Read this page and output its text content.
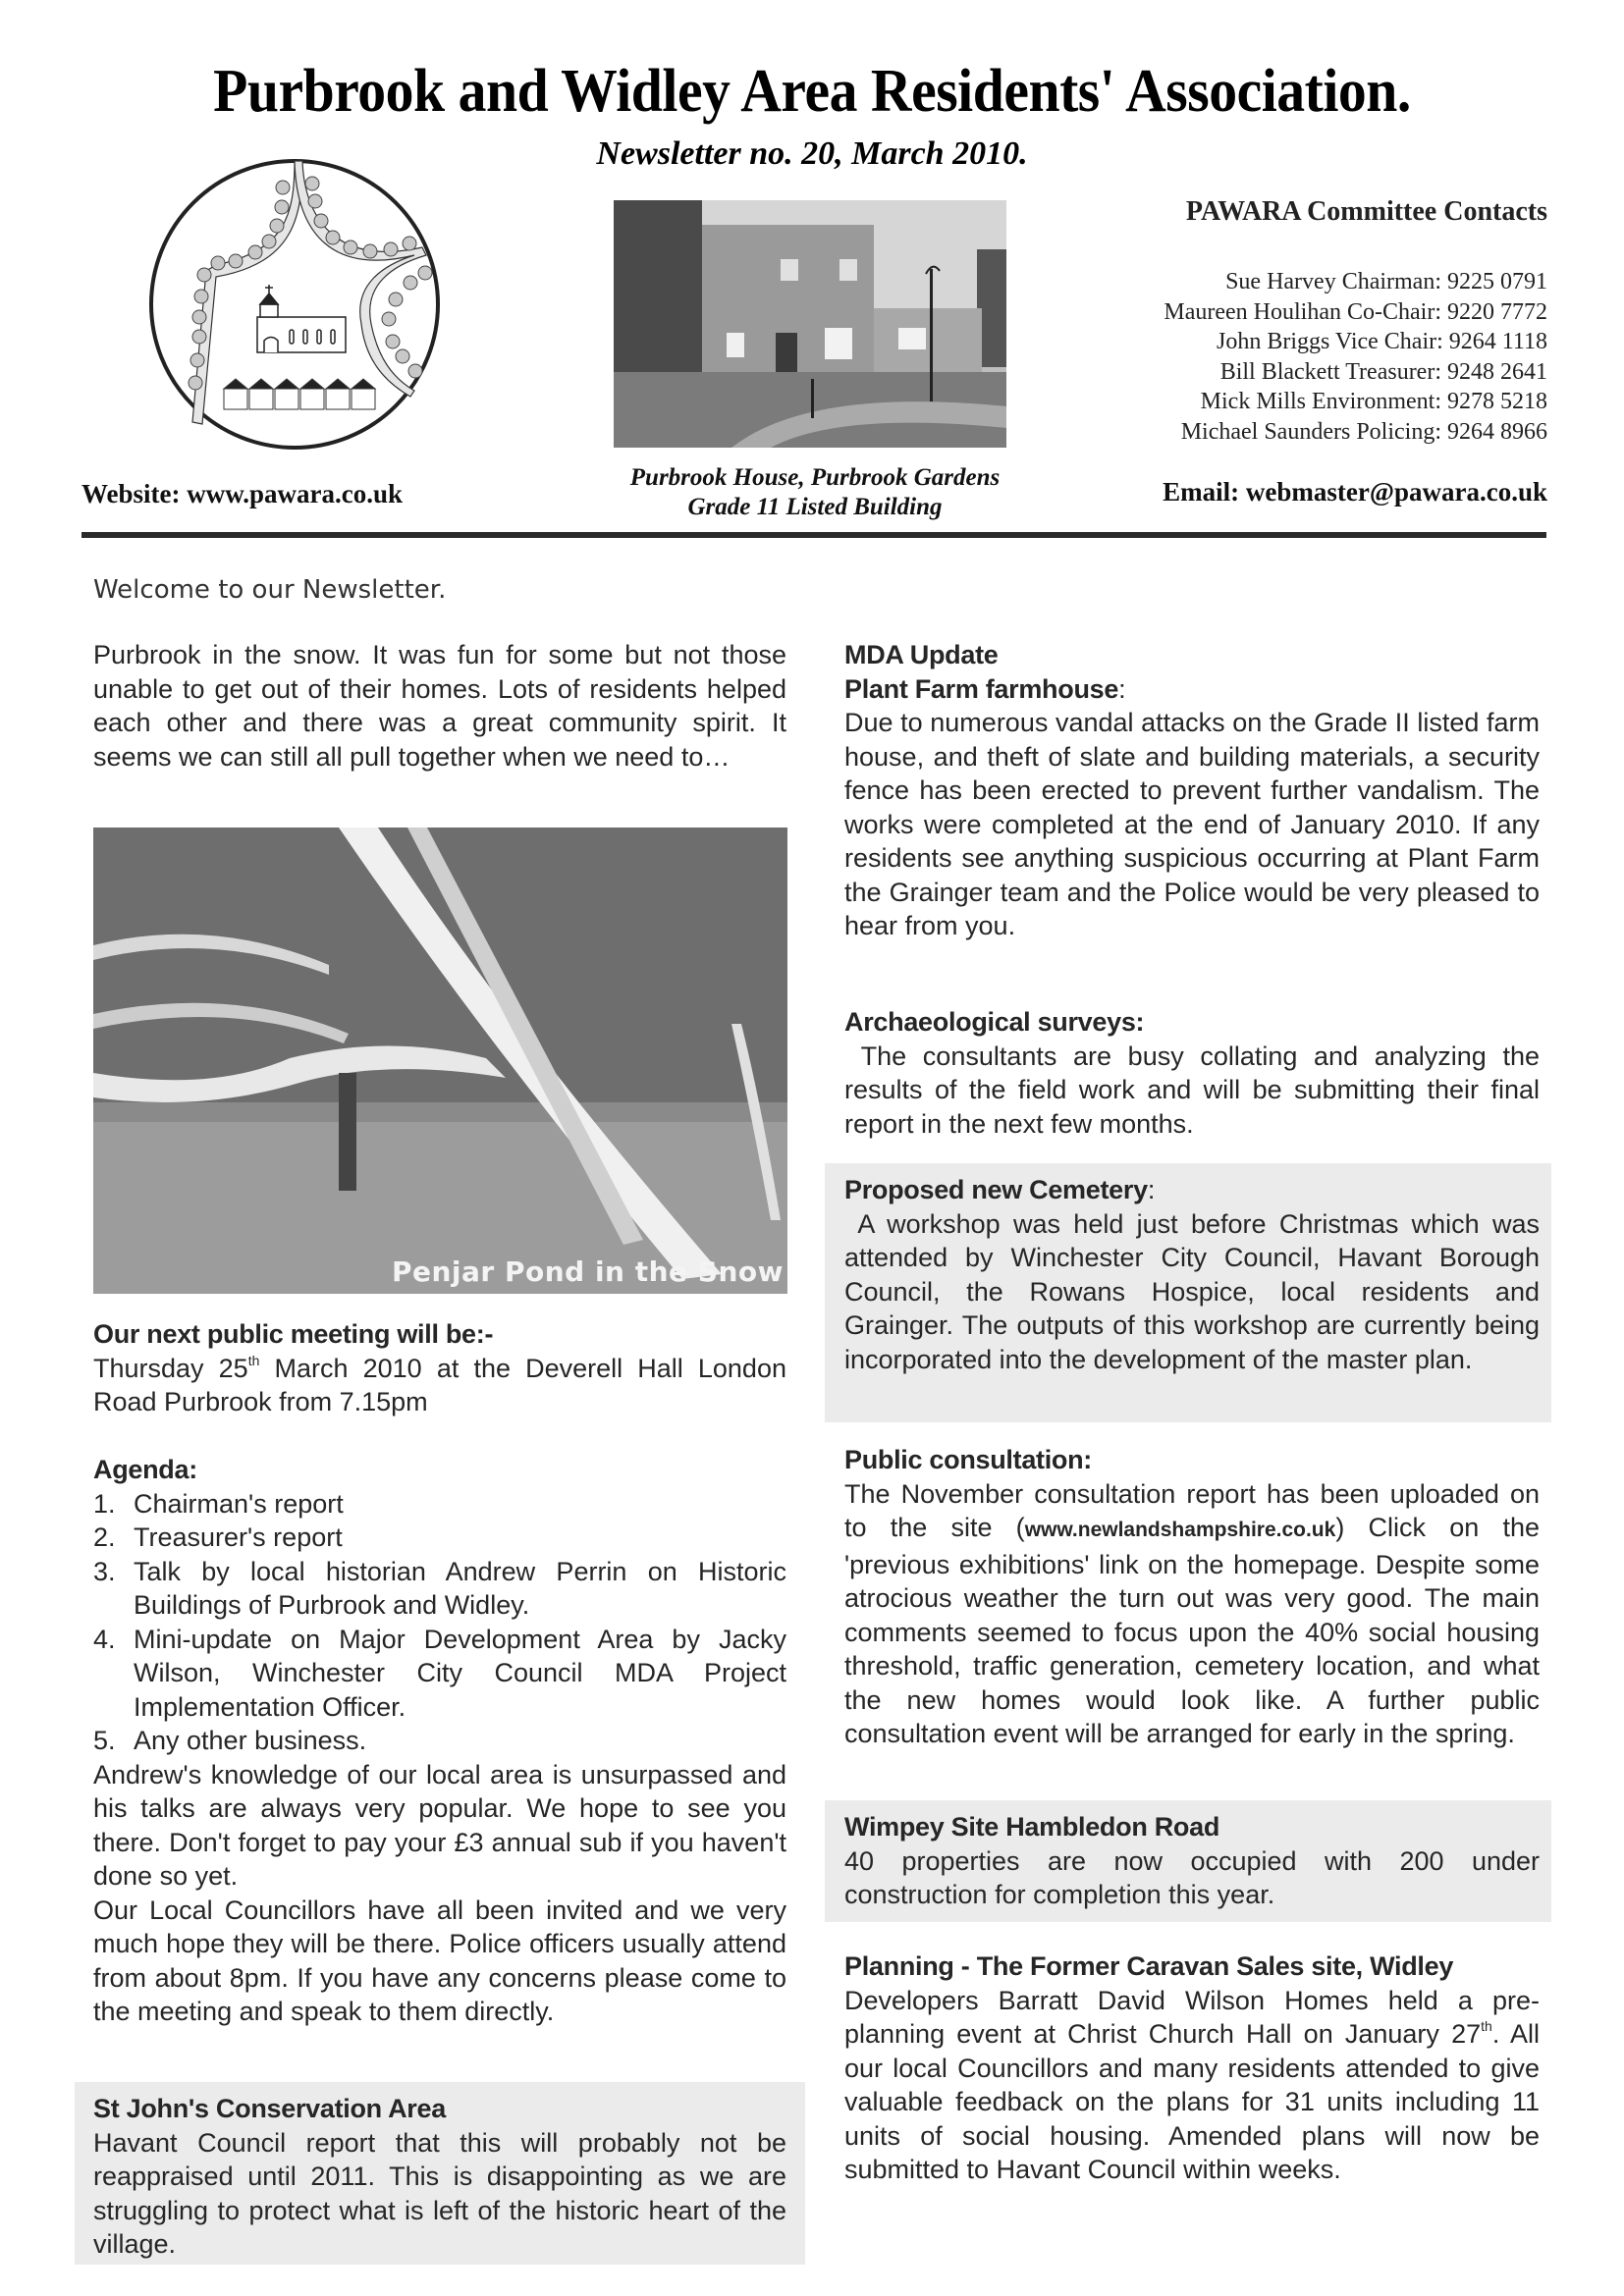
Purbrook and Widley Area Residents' Association.
Newsletter no. 20, March 2010.
Purbrook House, Purbrook Gardens
Grade 11 Listed Building
PAWARA Committee Contacts
Sue Harvey Chairman: 9225 0791
Maureen Houlihan Co-Chair: 9220 7772
John Briggs Vice Chair: 9264 1118
Bill Blackett Treasurer: 9248 2641
Mick Mills Environment: 9278 5218
Michael Saunders Policing: 9264 8966
Website: www.pawara.co.uk	Email: webmaster@pawara.co.uk
Welcome to our Newsletter.

Purbrook in the snow. It was fun for some but not those unable to get out of their homes. Lots of residents helped each other and there was a great community spirit. It seems we can still all pull together when we need to…

Penjar Pond in the Snow
Our next public meeting will be:-

Thursday 25th March 2010 at the Deverell Hall London Road Purbrook from 7.15pm

Agenda:
1. Chairman's report
2. Treasurer's report
3. Talk by local historian Andrew Perrin on Historic Buildings of Purbrook and Widley.
4. Mini-update on Major Development Area by Jacky Wilson, Winchester City Council MDA Project Implementation Officer.
5. Any other business.

Andrew's knowledge of our local area is unsurpassed and his talks are always very popular. We hope to see you there. Don't forget to pay your £3 annual sub if you haven't done so yet.

Our Local Councillors have all been invited and we very much hope they will be there. Police officers usually attend from about 8pm. If you have any concerns please come to the meeting and speak to them directly.

St John's Conservation Area

Havant Council report that this will probably not be reappraised until 2011. This is disappointing as we are struggling to protect what is left of the historic heart of the village.

MDA Update
Plant Farm farmhouse:

Due to numerous vandal attacks on the Grade II listed farm house, and theft of slate and building materials, a security fence has been erected to prevent further vandalism. The works were completed at the end of January 2010. If any residents see anything suspicious occurring at Plant Farm the Grainger team and the Police would be very pleased to hear from you.

Archaeological surveys:

The consultants are busy collating and analyzing the results of the field work and will be submitting their final report in the next few months.

Proposed new Cemetery:

A workshop was held just before Christmas which was attended by Winchester City Council, Havant Borough Council, the Rowans Hospice, local residents and Grainger. The outputs of this workshop are currently being incorporated into the development of the master plan.

Public consultation:

The November consultation report has been uploaded on to the site (www.newlandshampshire.co.uk) Click on the 'previous exhibitions' link on the homepage. Despite some atrocious weather the turn out was very good. The main comments seemed to focus upon the 40% social housing threshold, traffic generation, cemetery location, and what the new homes would look like. A further public consultation event will be arranged for early in the spring.

Wimpey Site Hambledon Road

40 properties are now occupied with 200 under construction for completion this year.

Planning - The Former Caravan Sales site, Widley

Developers Barratt David Wilson Homes held a pre-planning event at Christ Church Hall on January 27th. All our local Councillors and many residents attended to give valuable feedback on the plans for 31 units including 11 units of social housing. Amended plans will now be submitted to Havant Council within weeks.
